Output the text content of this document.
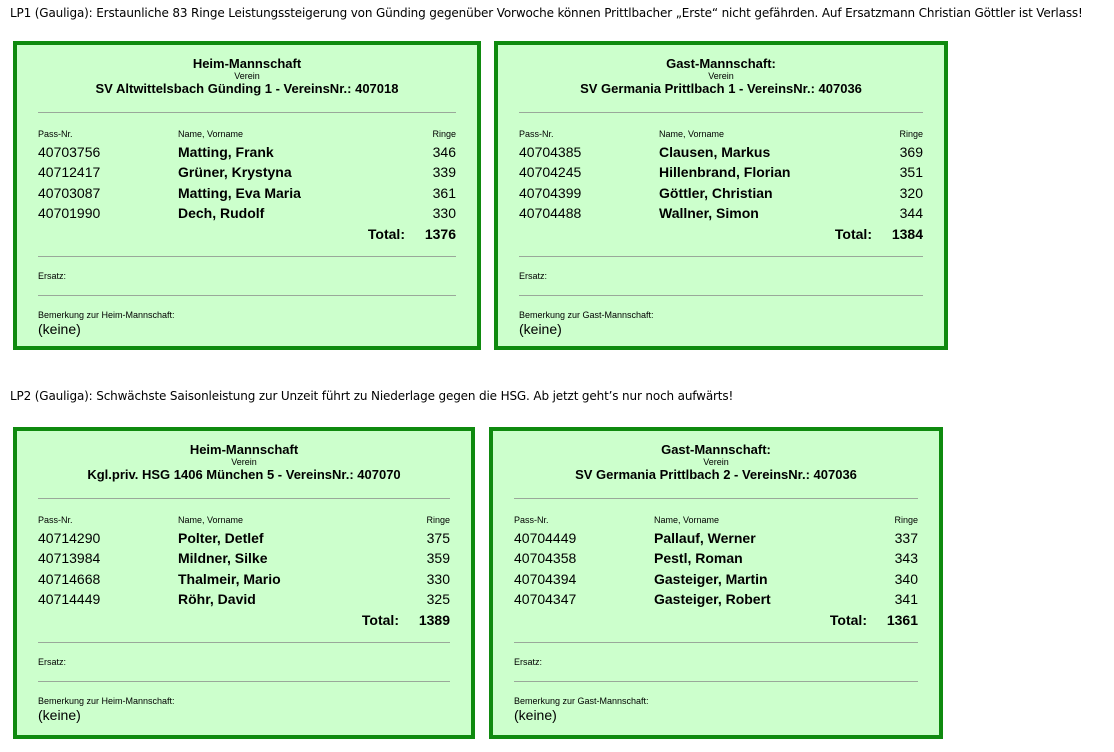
LP1 (Gauliga): Erstaunliche 83 Ringe Leistungssteigerung von Günding gegenüber Vorwoche können Prittlbacher „Erste“ nicht gefährden. Auf Ersatzmann Christian Göttler ist Verlass!
LP2 (Gauliga): Schwächste Saisonleistung zur Unzeit führt zu Niederlage gegen die HSG. Ab jetzt geht’s nur noch aufwärts!
Heim-Mannschaft
Verein
SV Altwittelsbach Günding 1 - VereinsNr.: 407018
Pass-Nr.	Name, Vorname	Ringe
40703756	Matting, Frank	346
40712417	Grüner, Krystyna	339
40703087	Matting, Eva Maria	361
40701990	Dech, Rudolf	330
Total: 1376
Ersatz:
Bemerkung zur Heim-Mannschaft:
(keine)
Gast-Mannschaft:
Verein
SV Germania Prittlbach 1 - VereinsNr.: 407036
Pass-Nr.	Name, Vorname	Ringe
40704385	Clausen, Markus	369
40704245	Hillenbrand, Florian	351
40704399	Göttler, Christian	320
40704488	Wallner, Simon	344
Total: 1384
Ersatz:
Bemerkung zur Gast-Mannschaft:
(keine)
Heim-Mannschaft
Verein
Kgl.priv. HSG 1406 München 5 - VereinsNr.: 407070
Pass-Nr.	Name, Vorname	Ringe
40714290	Polter, Detlef	375
40713984	Mildner, Silke	359
40714668	Thalmeir, Mario	330
40714449	Röhr, David	325
Total: 1389
Ersatz:
Bemerkung zur Heim-Mannschaft:
(keine)
Gast-Mannschaft:
Verein
SV Germania Prittlbach 2 - VereinsNr.: 407036
Pass-Nr.	Name, Vorname	Ringe
40704449	Pallauf, Werner	337
40704358	Pestl, Roman	343
40704394	Gasteiger, Martin	340
40704347	Gasteiger, Robert	341
Total: 1361
Ersatz:
Bemerkung zur Gast-Mannschaft:
(keine)
